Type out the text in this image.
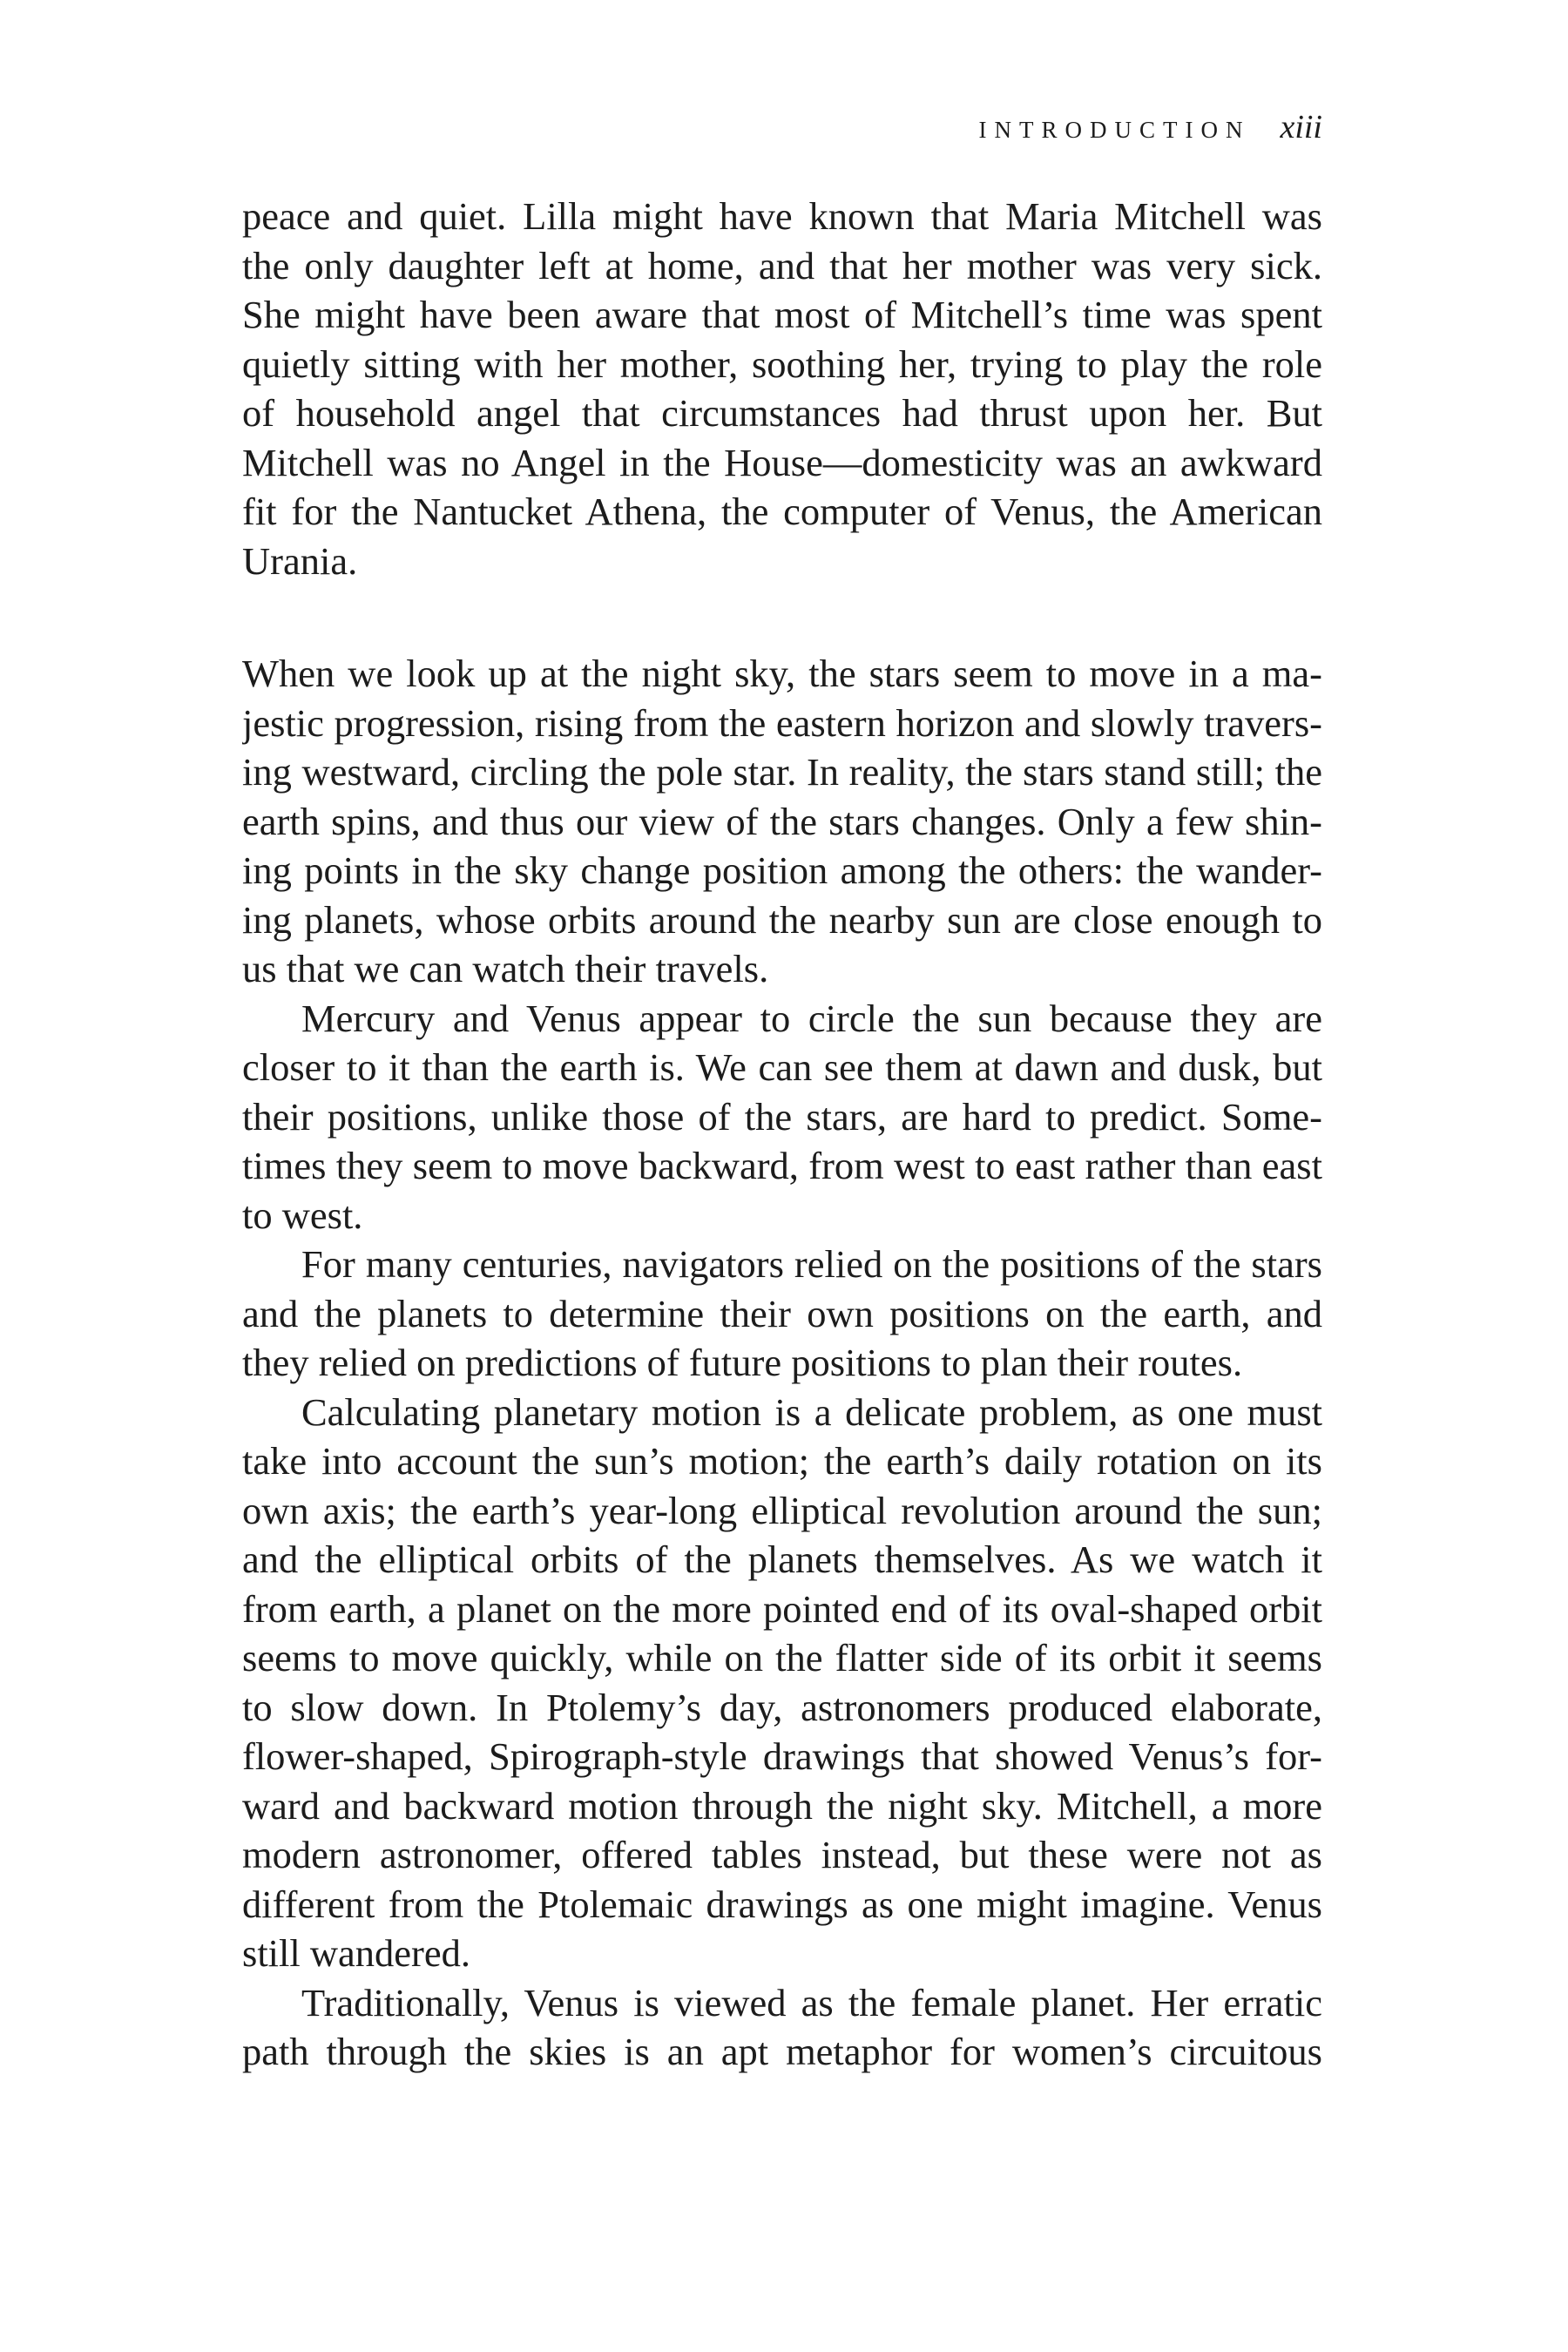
INTRODUCTION xiii
peace and quiet. Lilla might have known that Maria Mitchell was
the only daughter left at home, and that her mother was very sick.
She might have been aware that most of Mitchell’s time was spent
quietly sitting with her mother, soothing her, trying to play the role
of household angel that circumstances had thrust upon her. But
Mitchell was no Angel in the House—domesticity was an awkward
fit for the Nantucket Athena, the computer of Venus, the American
Urania.
When we look up at the night sky, the stars seem to move in a ma-
jestic progression, rising from the eastern horizon and slowly travers-
ing westward, circling the pole star. In reality, the stars stand still; the
earth spins, and thus our view of the stars changes. Only a few shin-
ing points in the sky change position among the others: the wander-
ing planets, whose orbits around the nearby sun are close enough to
us that we can watch their travels.
Mercury and Venus appear to circle the sun because they are
closer to it than the earth is. We can see them at dawn and dusk, but
their positions, unlike those of the stars, are hard to predict. Some-
times they seem to move backward, from west to east rather than east
to west.
For many centuries, navigators relied on the positions of the stars
and the planets to determine their own positions on the earth, and
they relied on predictions of future positions to plan their routes.
Calculating planetary motion is a delicate problem, as one must
take into account the sun’s motion; the earth’s daily rotation on its
own axis; the earth’s year-long elliptical revolution around the sun;
and the elliptical orbits of the planets themselves. As we watch it
from earth, a planet on the more pointed end of its oval-shaped orbit
seems to move quickly, while on the flatter side of its orbit it seems
to slow down. In Ptolemy’s day, astronomers produced elaborate,
flower-shaped, Spirograph-style drawings that showed Venus’s for-
ward and backward motion through the night sky. Mitchell, a more
modern astronomer, offered tables instead, but these were not as
different from the Ptolemaic drawings as one might imagine. Venus
still wandered.
Traditionally, Venus is viewed as the female planet. Her erratic
path through the skies is an apt metaphor for women’s circuitous
